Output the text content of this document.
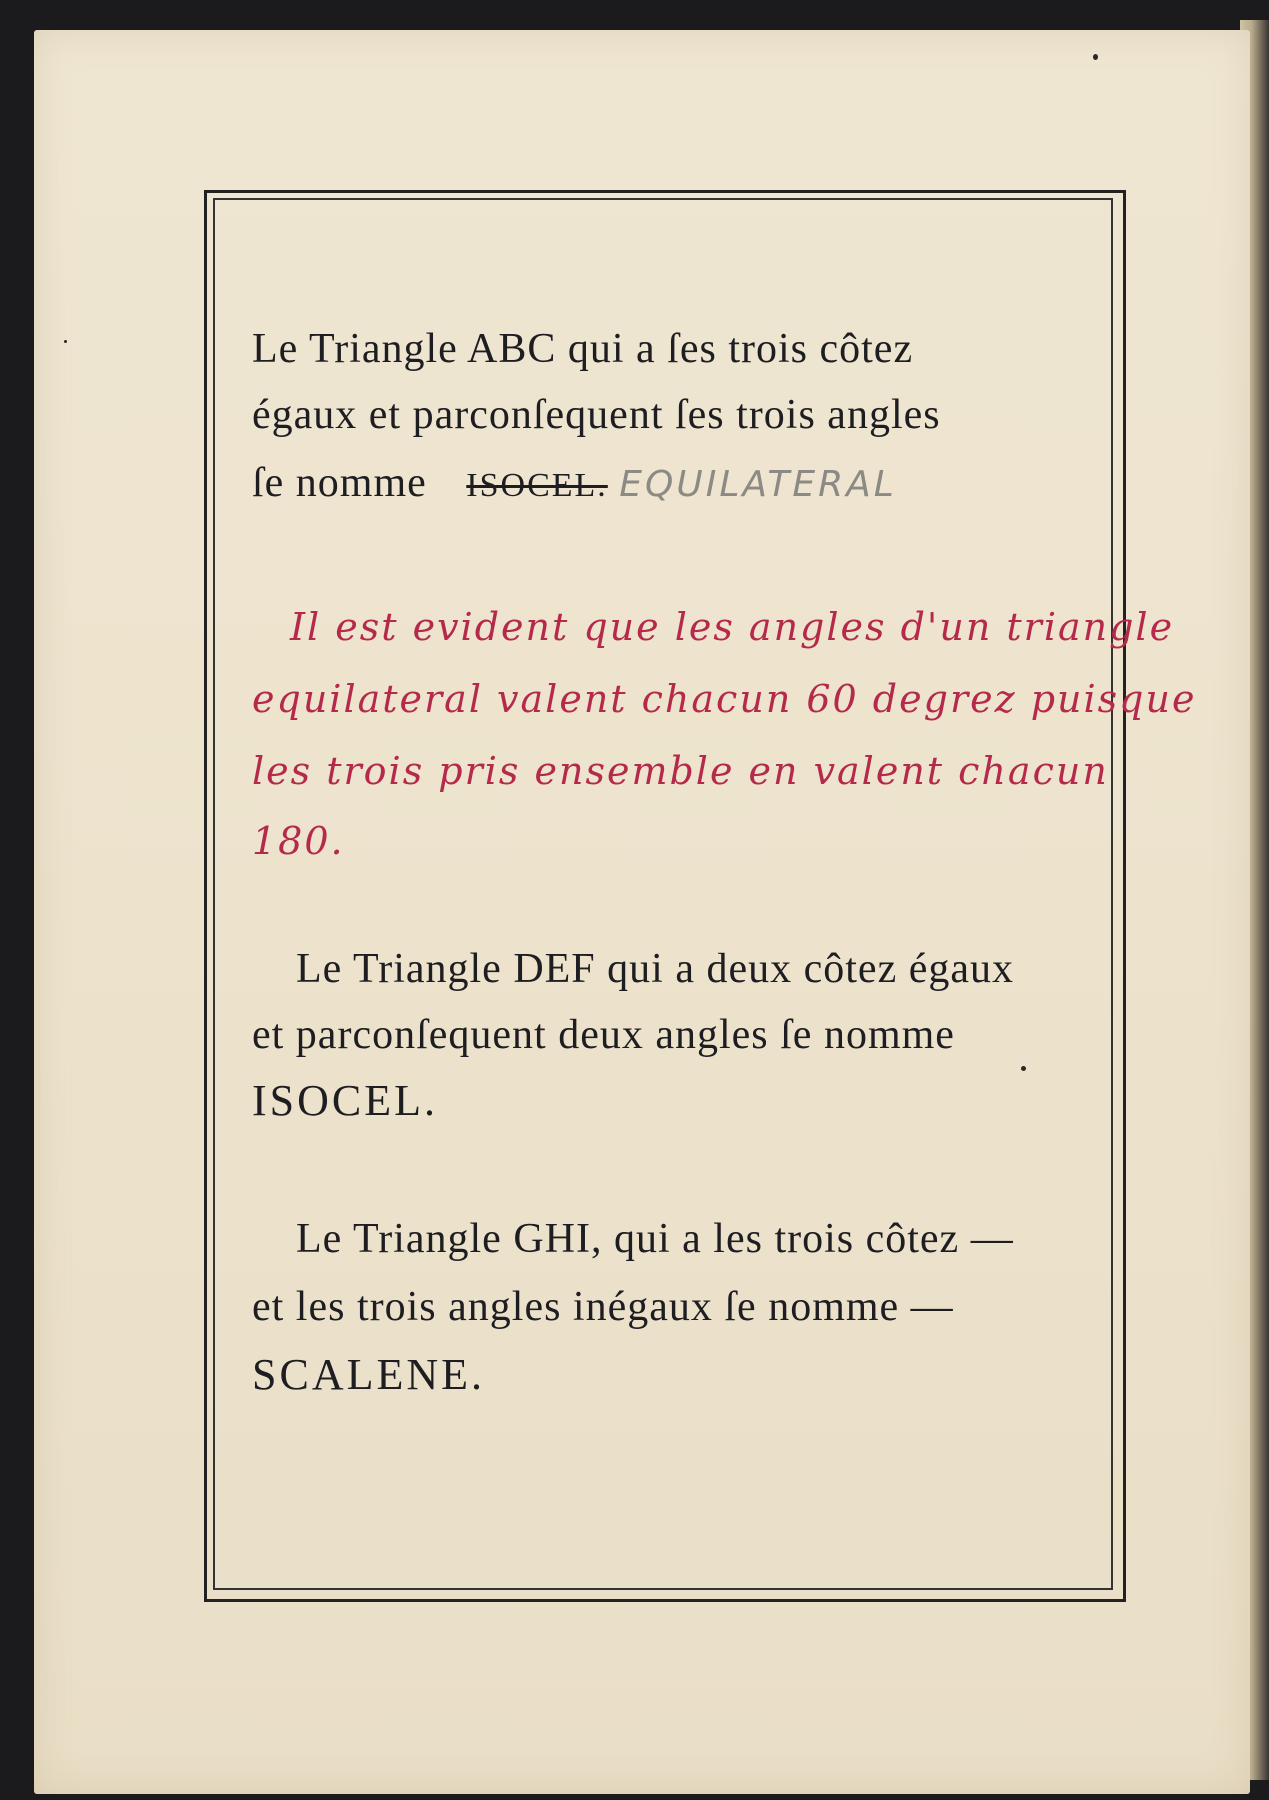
Le Triangle ABC qui a ſes trois côtez
égaux et parconſequent ſes trois angles
ſe nomme ISOCEL. EQUILATERAL
Il est evident que les angles d'un triangle
equilateral valent chacun 60 degrez puisque
les trois pris ensemble en valent chacun
180.
Le Triangle DEF qui a deux côtez égaux
et parconſequent deux angles ſe nomme
ISOCEL.
Le Triangle GHI, qui a les trois côtez —
et les trois angles inégaux ſe nomme —
SCALENE.
